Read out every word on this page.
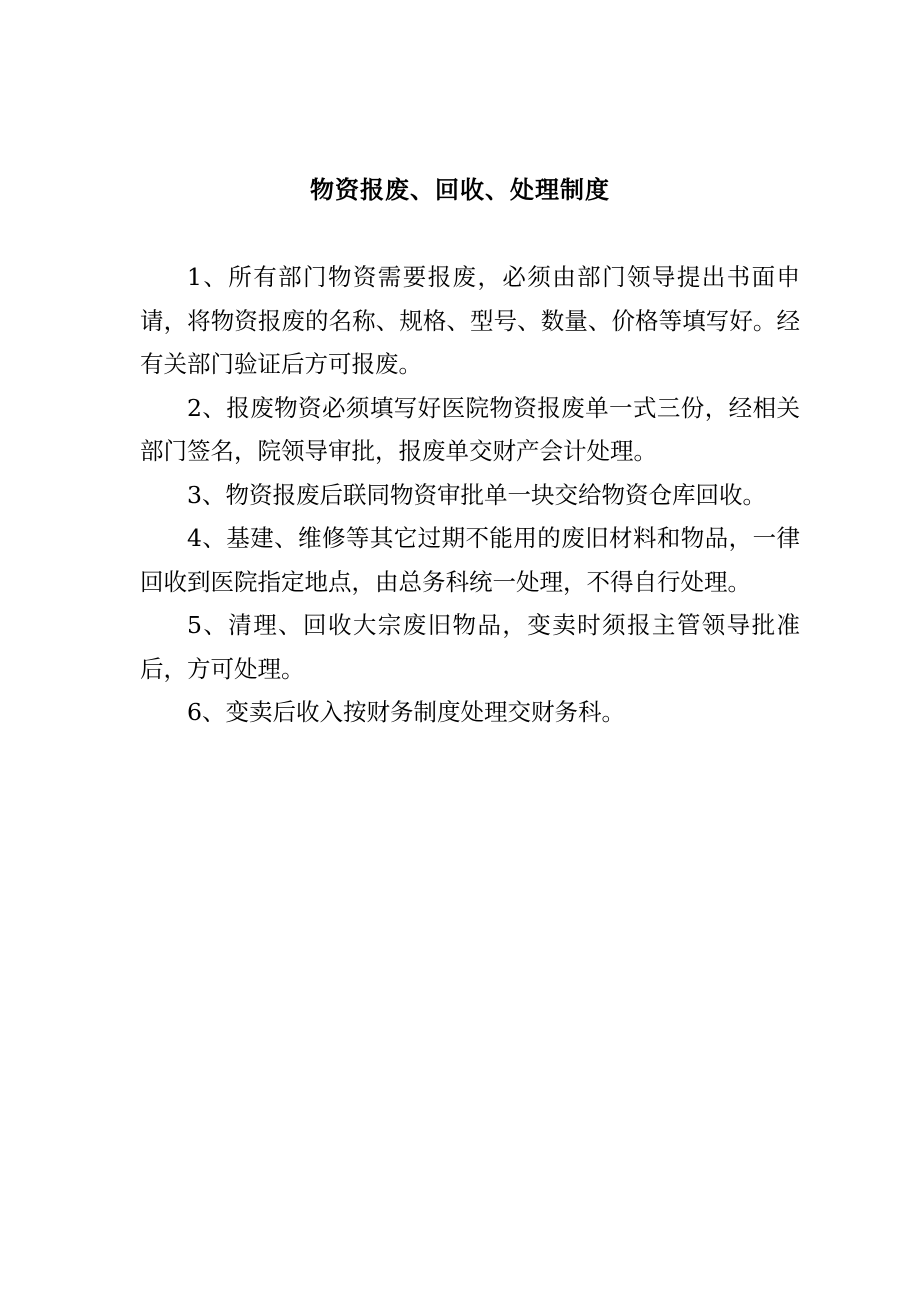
物资报废、回收、处理制度

1、所有部门物资需要报废，必须由部门领导提出书面申请，将物资报废的名称、规格、型号、数量、价格等填写好。经有关部门验证后方可报废。

2、报废物资必须填写好医院物资报废单一式三份，经相关部门签名，院领导审批，报废单交财产会计处理。

3、物资报废后联同物资审批单一块交给物资仓库回收。

4、基建、维修等其它过期不能用的废旧材料和物品，一律回收到医院指定地点，由总务科统一处理，不得自行处理。

5、清理、回收大宗废旧物品，变卖时须报主管领导批准后，方可处理。

6、变卖后收入按财务制度处理交财务科。
